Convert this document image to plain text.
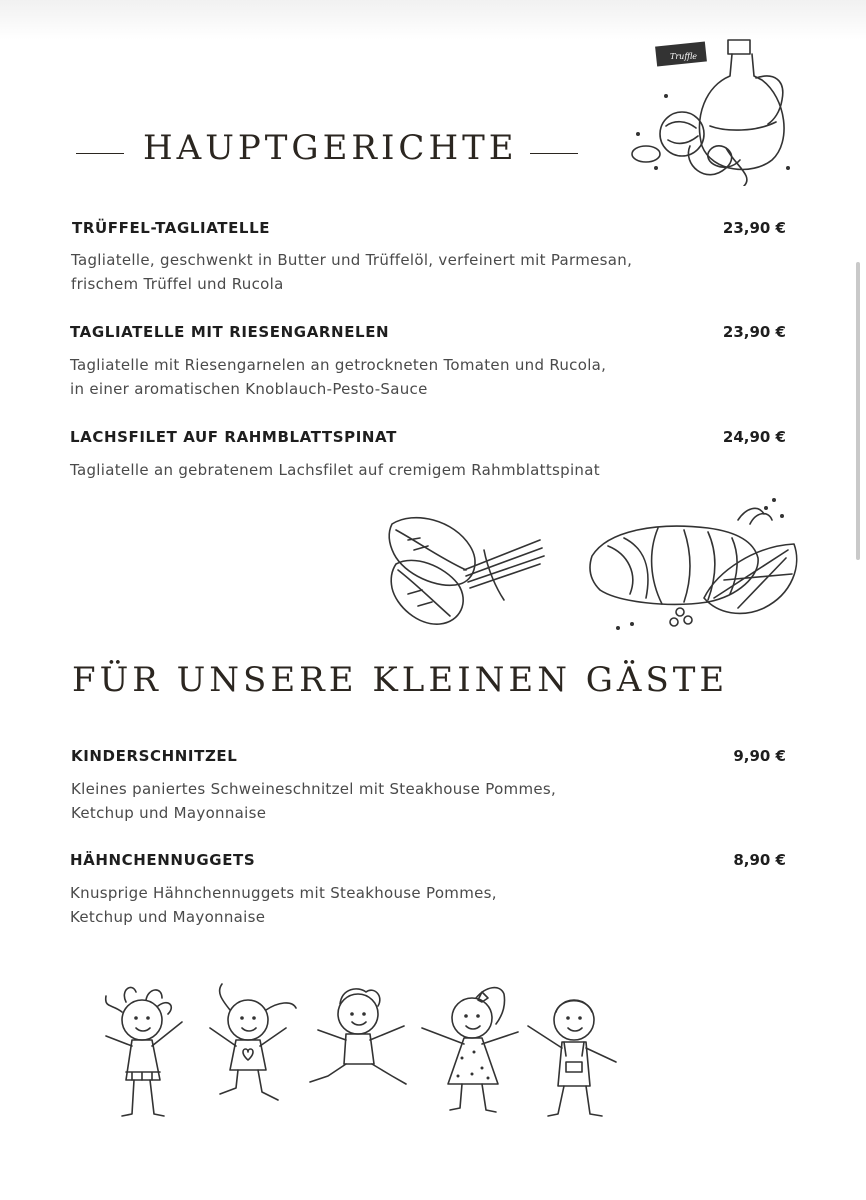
HAUPTGERICHTE
Truffle
TRÜFFEL-TAGLIATELLE	23,90 €
Tagliatelle, geschwenkt in Butter und Trüffelöl, verfeinert mit Parmesan,
frischem Trüffel und Rucola
TAGLIATELLE MIT RIESENGARNELEN	23,90 €
Tagliatelle mit Riesengarnelen an getrockneten Tomaten und Rucola,
in einer aromatischen Knoblauch-Pesto-Sauce
LACHSFILET AUF RAHMBLATTSPINAT	24,90 €
Tagliatelle an gebratenem Lachsfilet auf cremigem Rahmblattspinat
FÜR UNSERE KLEINEN GÄSTE
KINDERSCHNITZEL	9,90 €
Kleines paniertes Schweineschnitzel mit Steakhouse Pommes,
Ketchup und Mayonnaise
HÄHNCHENNUGGETS	8,90 €
Knusprige Hähnchennuggets mit Steakhouse Pommes,
Ketchup und Mayonnaise
